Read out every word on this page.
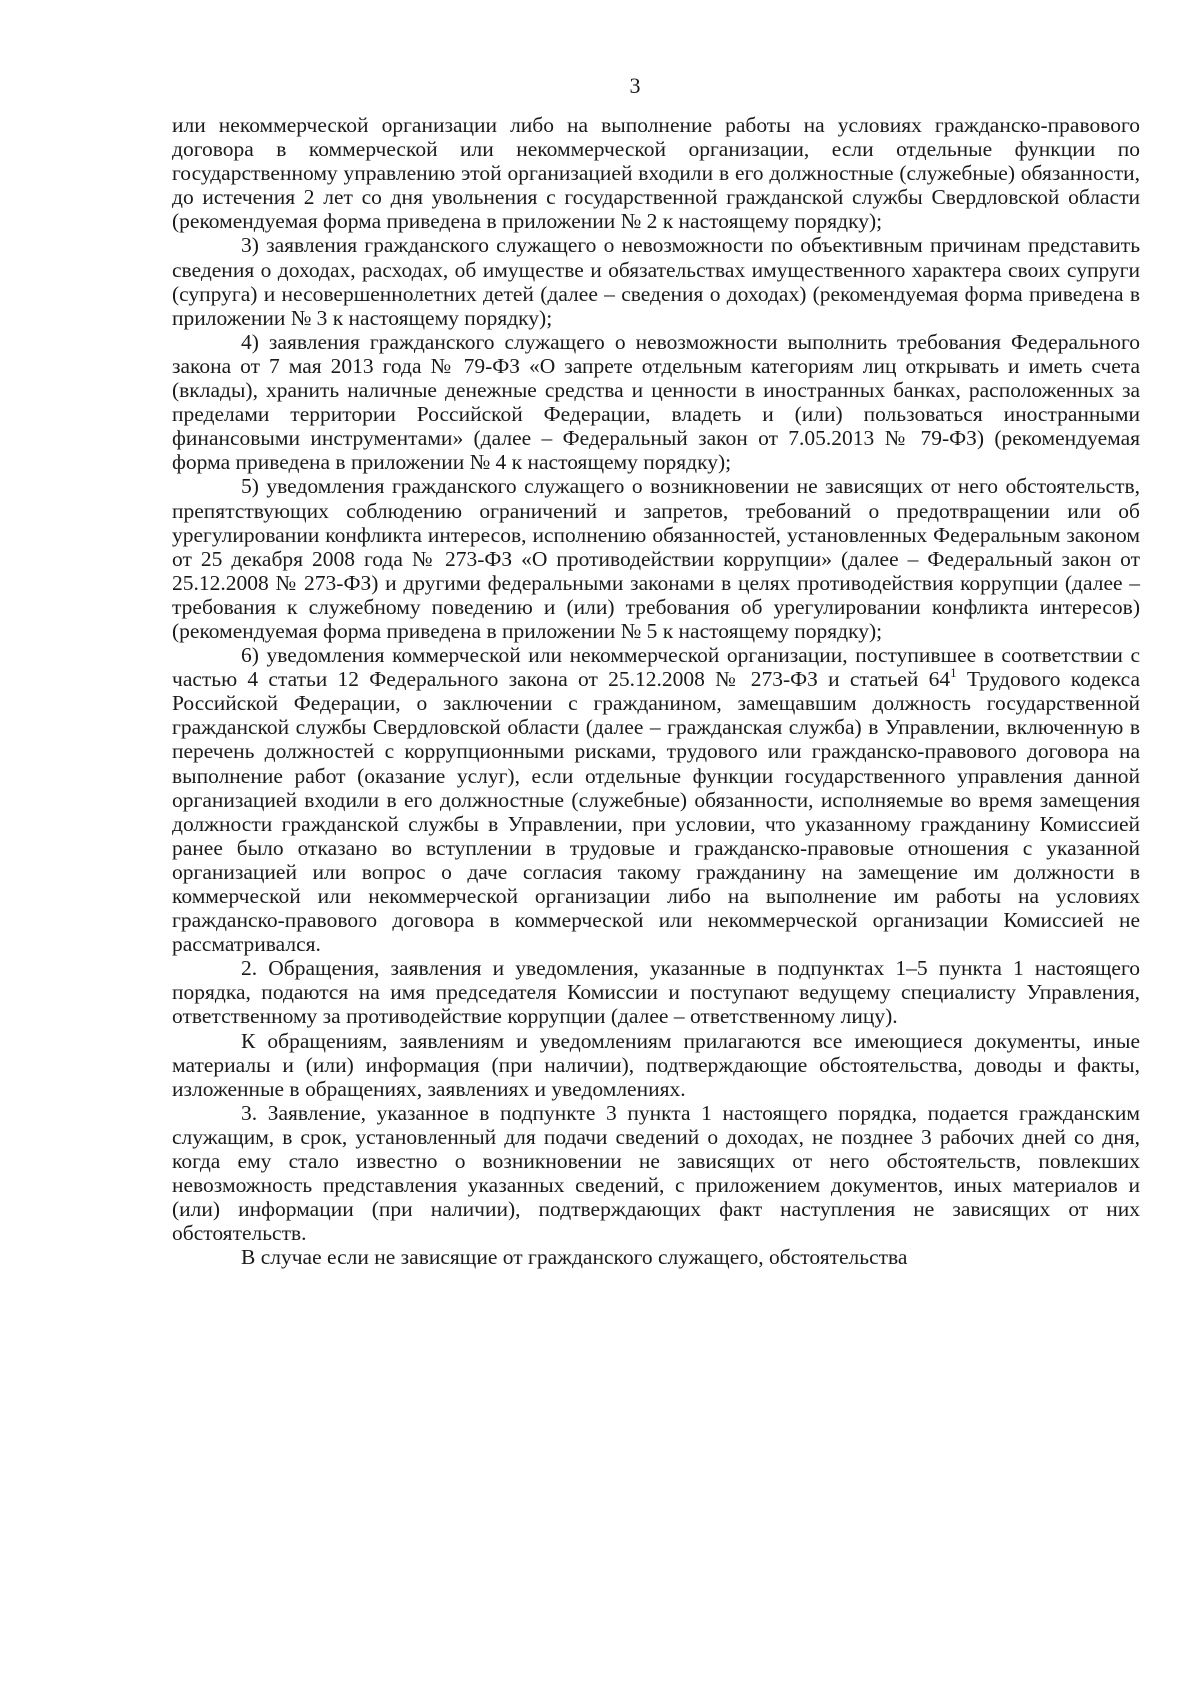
3

или некоммерческой организации либо на выполнение работы на условиях гражданско-правового договора в коммерческой или некоммерческой организации, если отдельные функции по государственному управлению этой организацией входили в его должностные (служебные) обязанности, до истечения 2 лет со дня увольнения с государственной гражданской службы Свердловской области (рекомендуемая форма приведена в приложении № 2 к настоящему порядку);

3) заявления гражданского служащего о невозможности по объективным причинам представить сведения о доходах, расходах, об имуществе и обязательствах имущественного характера своих супруги (супруга) и несовершеннолетних детей (далее – сведения о доходах) (рекомендуемая форма приведена в приложении № 3 к настоящему порядку);

4) заявления гражданского служащего о невозможности выполнить требования Федерального закона от 7 мая 2013 года № 79-ФЗ «О запрете отдельным категориям лиц открывать и иметь счета (вклады), хранить наличные денежные средства и ценности в иностранных банках, расположенных за пределами территории Российской Федерации, владеть и (или) пользоваться иностранными финансовыми инструментами» (далее – Федеральный закон от 7.05.2013 № 79-ФЗ) (рекомендуемая форма приведена в приложении № 4 к настоящему порядку);

5) уведомления гражданского служащего о возникновении не зависящих от него обстоятельств, препятствующих соблюдению ограничений и запретов, требований о предотвращении или об урегулировании конфликта интересов, исполнению обязанностей, установленных Федеральным законом от 25 декабря 2008 года № 273-ФЗ «О противодействии коррупции» (далее – Федеральный закон от 25.12.2008 № 273-ФЗ) и другими федеральными законами в целях противодействия коррупции (далее – требования к служебному поведению и (или) требования об урегулировании конфликта интересов) (рекомендуемая форма приведена в приложении № 5 к настоящему порядку);

6) уведомления коммерческой или некоммерческой организации, поступившее в соответствии с частью 4 статьи 12 Федерального закона от 25.12.2008 № 273-ФЗ и статьей $64^1$ Трудового кодекса Российской Федерации, о заключении с гражданином, замещавшим должность государственной гражданской службы Свердловской области (далее – гражданская служба) в Управлении, включенную в перечень должностей с коррупционными рисками, трудового или гражданско-правового договора на выполнение работ (оказание услуг), если отдельные функции государственного управления данной организацией входили в его должностные (служебные) обязанности, исполняемые во время замещения должности гражданской службы в Управлении, при условии, что указанному гражданину Комиссией ранее было отказано во вступлении в трудовые и гражданско-правовые отношения с указанной организацией или вопрос о даче согласия такому гражданину на замещение им должности в коммерческой или некоммерческой организации либо на выполнение им работы на условиях гражданско-правового договора в коммерческой или некоммерческой организации Комиссией не рассматривался.

2. Обращения, заявления и уведомления, указанные в подпунктах 1–5 пункта 1 настоящего порядка, подаются на имя председателя Комиссии и поступают ведущему специалисту Управления, ответственному за противодействие коррупции (далее – ответственному лицу).

К обращениям, заявлениям и уведомлениям прилагаются все имеющиеся документы, иные материалы и (или) информация (при наличии), подтверждающие обстоятельства, доводы и факты, изложенные в обращениях, заявлениях и уведомлениях.

3. Заявление, указанное в подпункте 3 пункта 1 настоящего порядка, подается гражданским служащим, в срок, установленный для подачи сведений о доходах, не позднее 3 рабочих дней со дня, когда ему стало известно о возникновении не зависящих от него обстоятельств, повлекших невозможность представления указанных сведений, с приложением документов, иных материалов и (или) информации (при наличии), подтверждающих факт наступления не зависящих от них обстоятельств.

В случае если не зависящие от гражданского служащего, обстоятельства
